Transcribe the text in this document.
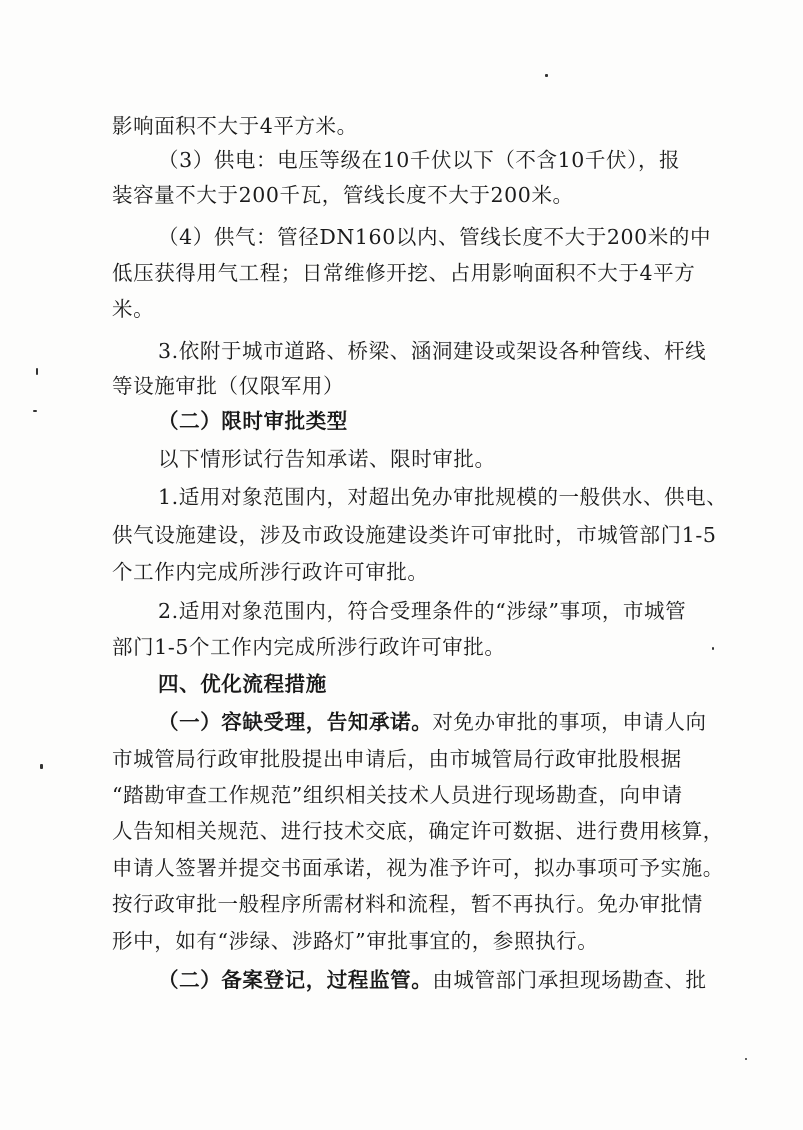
影响面积不大于4平方米。
（3）供电：电压等级在10千伏以下（不含10千伏），报
装容量不大于200千瓦，管线长度不大于200米。
（4）供气：管径DN160以内、管线长度不大于200米的中
低压获得用气工程；日常维修开挖、占用影响面积不大于4平方
米。
3.依附于城市道路、桥梁、涵洞建设或架设各种管线、杆线
等设施审批（仅限军用）
（二）限时审批类型
以下情形试行告知承诺、限时审批。
1.适用对象范围内，对超出免办审批规模的一般供水、供电、
供气设施建设，涉及市政设施建设类许可审批时，市城管部门1-5
个工作内完成所涉行政许可审批。
2.适用对象范围内，符合受理条件的“涉绿”事项，市城管
部门1-5个工作内完成所涉行政许可审批。
四、优化流程措施
（一）容缺受理，告知承诺。对免办审批的事项，申请人向
市城管局行政审批股提出申请后，由市城管局行政审批股根据
“踏勘审查工作规范”组织相关技术人员进行现场勘查，向申请
人告知相关规范、进行技术交底，确定许可数据、进行费用核算，
申请人签署并提交书面承诺，视为准予许可，拟办事项可予实施。
按行政审批一般程序所需材料和流程，暂不再执行。免办审批情
形中，如有“涉绿、涉路灯”审批事宜的，参照执行。
（二）备案登记，过程监管。由城管部门承担现场勘查、批
